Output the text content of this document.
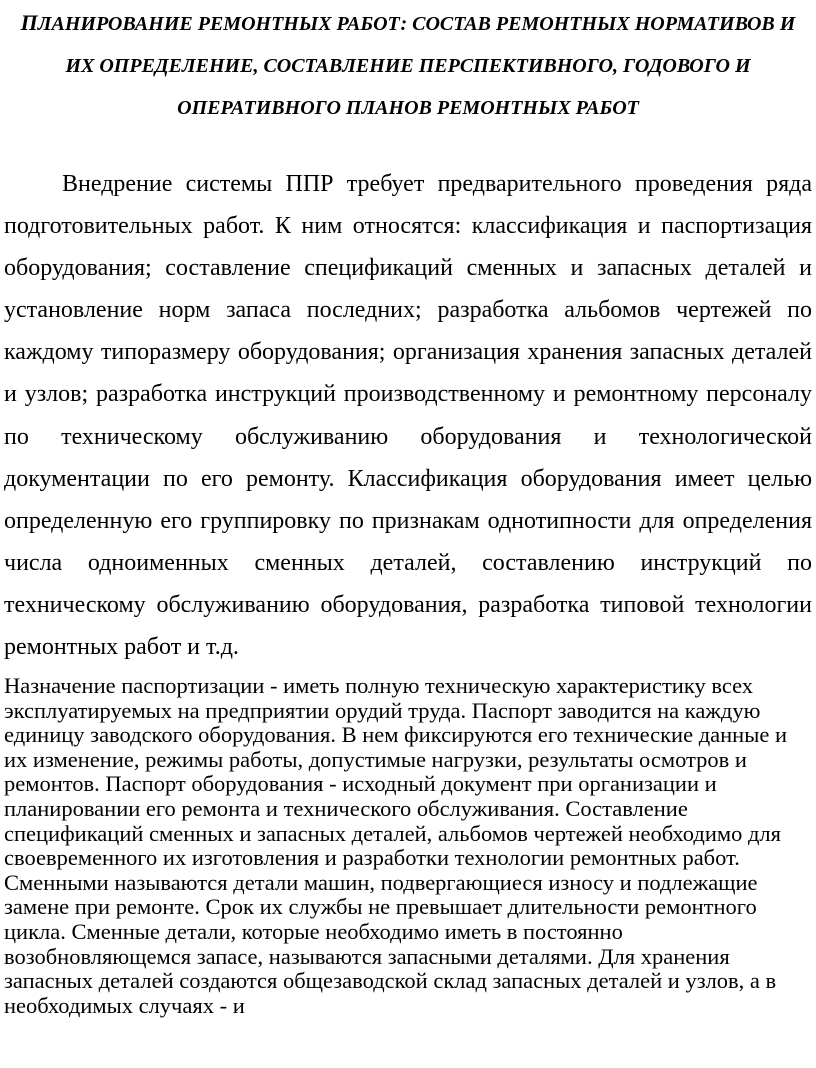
ПЛАНИРОВАНИЕ РЕМОНТНЫХ РАБОТ: СОСТАВ РЕМОНТНЫХ НОРМАТИВОВ И ИХ ОПРЕДЕЛЕНИЕ, СОСТАВЛЕНИЕ ПЕРСПЕКТИВНОГО, ГОДОВОГО И ОПЕРАТИВНОГО ПЛАНОВ РЕМОНТНЫХ РАБОТ

Внедрение системы ППР требует предварительного проведения ряда подготовительных работ. К ним относятся: классификация и паспортизация оборудования; составление спецификаций сменных и запасных деталей и установление норм запаса последних; разработка альбомов чертежей по каждому типоразмеру оборудования; организация хранения запасных деталей и узлов; разработка инструкций производственному и ремонтному персоналу по техническому обслуживанию оборудования и технологической документации по его ремонту. Классификация оборудования имеет целью определенную его группировку по признакам однотипности для определения числа одноименных сменных деталей, составлению инструкций по техническому обслуживанию оборудования, разработка типовой технологии ремонтных работ и т.д.

Назначение паспортизации - иметь полную техническую характеристику всех эксплуатируемых на предприятии орудий труда. Паспорт заводится на каждую единицу заводского оборудования. В нем фиксируются его технические данные и их изменение, режимы работы, допустимые нагрузки, результаты осмотров и ремонтов. Паспорт оборудования - исходный документ при организации и планировании его ремонта и технического обслуживания. Составление спецификаций сменных и запасных деталей, альбомов чертежей необходимо для своевременного их изготовления и разработки технологии ремонтных работ. Сменными называются детали машин, подвергающиеся износу и подлежащие замене при ремонте. Срок их службы не превышает длительности ремонтного цикла. Сменные детали, которые необходимо иметь в постоянно возобновляющемся запасе, называются запасными деталями. Для хранения запасных деталей создаются общезаводской склад запасных деталей и узлов, а в необходимых случаях - и
